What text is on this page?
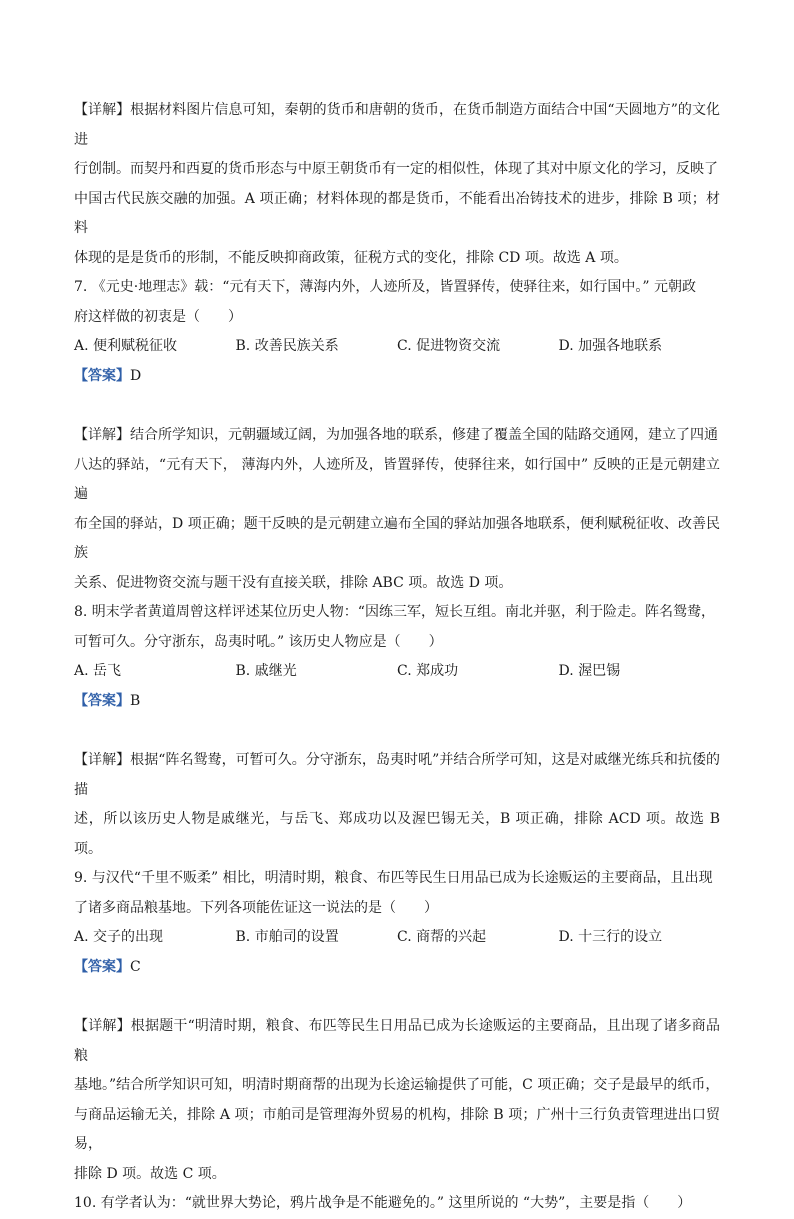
【详解】根据材料图片信息可知，秦朝的货币和唐朝的货币，在货币制造方面结合中国“天圆地方”的文化进

行创制。而契丹和西夏的货币形态与中原王朝货币有一定的相似性，体现了其对中原文化的学习，反映了

中国古代民族交融的加强。A 项正确；材料体现的都是货币，不能看出冶铸技术的进步，排除 B 项；材料

体现的是是货币的形制，不能反映抑商政策，征税方式的变化，排除 CD 项。故选 A 项。

7. 《元史·地理志》载：“元有天下，薄海内外，人迹所及，皆置驿传，使驿往来，如行国中。” 元朝政

府这样做的初衷是（　　）

A. 便利赋税征收	B. 改善民族关系	C. 促进物资交流	D. 加强各地联系

【答案】D

【详解】结合所学知识，元朝疆域辽阔，为加强各地的联系，修建了覆盖全国的陆路交通网，建立了四通

八达的驿站，“元有天下， 薄海内外，人迹所及，皆置驿传，使驿往来，如行国中” 反映的正是元朝建立遍

布全国的驿站，D 项正确；题干反映的是元朝建立遍布全国的驿站加强各地联系，便利赋税征收、改善民族

关系、促进物资交流与题干没有直接关联，排除 ABC 项。故选 D 项。

8. 明末学者黄道周曾这样评述某位历史人物：“因练三军，短长互组。南北并驱，利于险走。阵名鸳鸯，

可暂可久。分守浙东，岛夷时吼。” 该历史人物应是（　　）

A. 岳飞	B. 戚继光	C. 郑成功	D. 渥巴锡

【答案】B

【详解】根据“阵名鸳鸯，可暂可久。分守浙东，岛夷时吼”并结合所学可知，这是对戚继光练兵和抗倭的描

述，所以该历史人物是戚继光，与岳飞、郑成功以及渥巴锡无关，B 项正确，排除 ACD 项。故选 B 项。

9. 与汉代“千里不贩柔” 相比，明清时期，粮食、布匹等民生日用品已成为长途贩运的主要商品，且出现

了诸多商品粮基地。下列各项能佐证这一说法的是（　　）

A. 交子的出现	B. 市舶司的设置	C. 商帮的兴起	D. 十三行的设立

【答案】C

【详解】根据题干“明清时期，粮食、布匹等民生日用品已成为长途贩运的主要商品，且出现了诸多商品粮

基地。”结合所学知识可知，明清时期商帮的出现为长途运输提供了可能，C 项正确；交子是最早的纸币，

与商品运输无关，排除 A 项；市舶司是管理海外贸易的机构，排除 B 项；广州十三行负责管理进出口贸易，

排除 D 项。故选 C 项。

10. 有学者认为：“就世界大势论，鸦片战争是不能避免的。” 这里所说的 “大势”，主要是指（　　）
